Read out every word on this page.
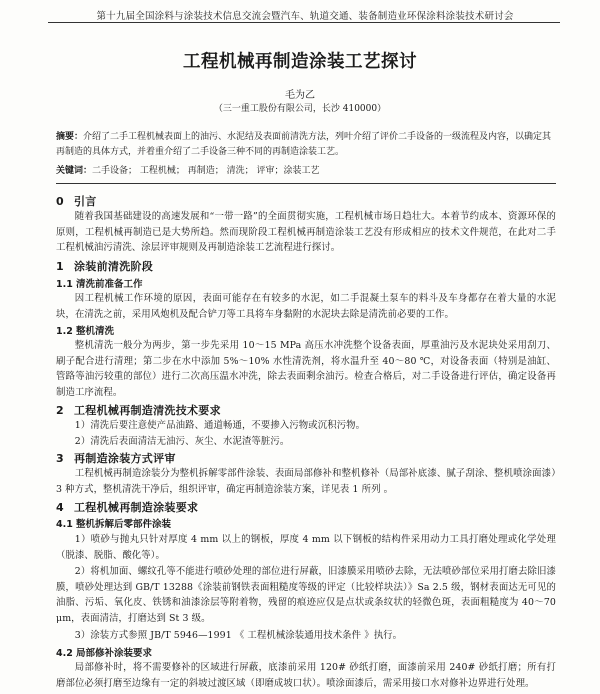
第十九届全国涂料与涂装技术信息交流会暨汽车、轨道交通、装备制造业环保涂料涂装技术研讨会
工程机械再制造涂装工艺探讨
毛为乙
（三一重工股份有限公司，长沙 410000）
摘要：介绍了二手工程机械表面上的油污、水泥结及表面前清洗方法，列叶介绍了评价二手设备的一级流程及内容，以确定其再制造的具体方式，并着重介绍了二手设备三种不同的再制造涂装工艺。
关键词：二手设备； 工程机械； 再制造； 清洗； 评审；涂装工艺
0 引言
随着我国基础建设的高速发展和“一带一路”的全面贯彻实施，工程机械市场日趋壮大。本着节约成本、资源环保的原则，工程机械再制造已是大势所趋。然而现阶段工程机械再制造涂装工艺没有形成相应的技术文件规范，在此对二手工程机械油污清洗、涂层评审规则及再制造涂装工艺流程进行探讨。
1 涂装前清洗阶段
1.1 清洗前准备工作
因工程机械工作环境的原因，表面可能存在有较多的水泥，如二手混凝土泵车的料斗及车身都存在着大量的水泥块，在清洗之前，采用风炮机及配合铲刀等工具将车身黏附的水泥块去除是清洗前必要的工作。
1.2 整机清洗
整机清洗一般分为两步，第一步先采用 10～15 MPa 高压水冲洗整个设备表面，厚重油污及水泥块处采用刮刀、刷子配合进行清理；第二步在水中添加 5%～10% 水性清洗剂，将水温升至 40～80 ℃，对设备表面（特别是油缸、管路等油污较重的部位）进行二次高压温水冲洗，除去表面剩余油污。检查合格后，对二手设备进行评估，确定设备再制造工序流程。
2 工程机械再制造清洗技术要求
1）清洗后要注意使产品油路、通道畅通，不要掺入污物或沉积污物。
2）清洗后表面清洁无油污、灰尘、水泥渣等脏污。
3 再制造涂装方式评审
工程机械再制造涂装分为整机拆解零部件涂装、表面局部修补和整机修补（局部补底漆、腻子刮涂、整机喷涂面漆）3 种方式，整机清洗干净后，组织评审，确定再制造涂装方案，详见表 1 所列 。
4 工程机械再制造涂装要求
4.1 整机拆解后零部件涂装
1）喷砂与抛丸只针对厚度 4 mm 以上的钢板，厚度 4 mm 以下钢板的结构件采用动力工具打磨处理或化学处理（脱漆、脱脂、酸化等）。
2）将机加面、螺纹孔等不能进行喷砂处理的部位进行屏蔽，旧漆膜采用喷砂去除，无法喷砂部位采用打磨去除旧漆膜，喷砂处理达到 GB/T 13288《涂装前钢铁表面粗糙度等级的评定（比较样块法）》Sa 2.5 级，钢材表面达无可见的油脂、污垢、氧化皮、铁锈和油漆涂层等附着物，残留的痕迹应仅是点状或条纹状的轻微色斑，表面粗糙度为 40～70 μm，表面清洁，打磨达到 St 3 级。
3）涂装方式参照 JB/T 5946—1991 《 工程机械涂装通用技术条件 》执行。
4.2 局部修补涂装要求
局部修补时，将不需要修补的区域进行屏蔽，底漆前采用 120# 砂纸打磨，面漆前采用 240# 砂纸打磨；所有打磨部位必须打磨至边缘有一定的斜坡过渡区域（即磨成坡口状）。喷涂面漆后，需采用接口水对修补边界进行处理。
